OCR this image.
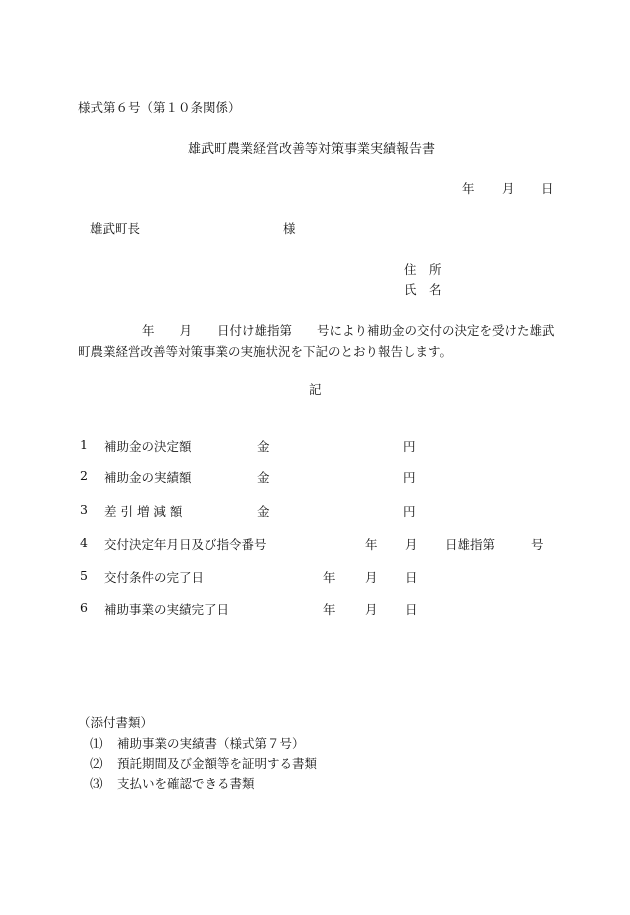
様式第６号（第１０条関係）
雄武町農業経営改善等対策事業実績報告書
年 月 日
雄武町長	様
住　所
氏　名
年　　月　　日付け雄指第　　号により補助金の交付の決定を受けた雄武町農業経営改善等対策事業の実施状況を下記のとおり報告します。
記
1 補助金の決定額	金	円
2 補助金の実績額	金	円
3 差 引 増 減 額	金	円
4 交付決定年月日及び指令番号	年 月 日雄指第	号
5 交付条件の完了日	年 月 日
6 補助事業の実績完了日	年 月 日
（添付書類）
⑴ 補助事業の実績書（様式第７号）
⑵ 預託期間及び金額等を証明する書類
⑶ 支払いを確認できる書類
